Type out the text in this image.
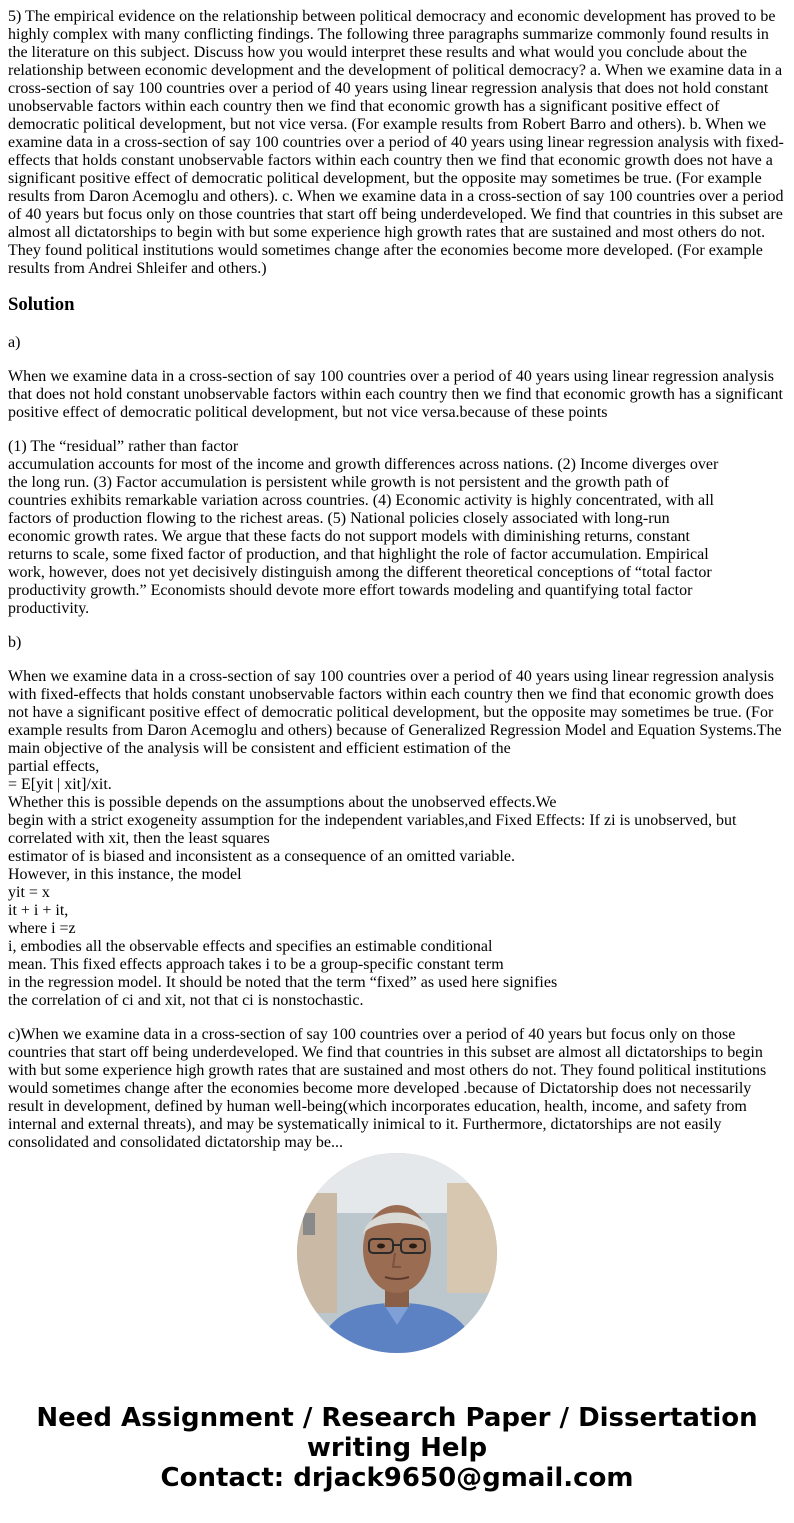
5) The empirical evidence on the relationship between political democracy and economic development has proved to be highly complex with many conflicting findings. The following three paragraphs summarize commonly found results in the literature on this subject. Discuss how you would interpret these results and what would you conclude about the relationship between economic development and the development of political democracy? a. When we examine data in a cross-section of say 100 countries over a period of 40 years using linear regression analysis that does not hold constant unobservable factors within each country then we find that economic growth has a significant positive effect of democratic political development, but not vice versa. (For example results from Robert Barro and others). b. When we examine data in a cross-section of say 100 countries over a period of 40 years using linear regression analysis with fixed-effects that holds constant unobservable factors within each country then we find that economic growth does not have a significant positive effect of democratic political development, but the opposite may sometimes be true. (For example results from Daron Acemoglu and others). c. When we examine data in a cross-section of say 100 countries over a period of 40 years but focus only on those countries that start off being underdeveloped. We find that countries in this subset are almost all dictatorships to begin with but some experience high growth rates that are sustained and most others do not. They found political institutions would sometimes change after the economies become more developed. (For example results from Andrei Shleifer and others.)

Solution

a)

When we examine data in a cross-section of say 100 countries over a period of 40 years using linear regression analysis that does not hold constant unobservable factors within each country then we find that economic growth has a significant positive effect of democratic political development, but not vice versa.because of these points

(1) The “residual” rather than factor
accumulation accounts for most of the income and growth differences across nations. (2) Income diverges over
the long run. (3) Factor accumulation is persistent while growth is not persistent and the growth path of
countries exhibits remarkable variation across countries. (4) Economic activity is highly concentrated, with all
factors of production flowing to the richest areas. (5) National policies closely associated with long-run
economic growth rates. We argue that these facts do not support models with diminishing returns, constant
returns to scale, some fixed factor of production, and that highlight the role of factor accumulation. Empirical
work, however, does not yet decisively distinguish among the different theoretical conceptions of “total factor
productivity growth.” Economists should devote more effort towards modeling and quantifying total factor
productivity.

b)

When we examine data in a cross-section of say 100 countries over a period of 40 years using linear regression analysis with fixed-effects that holds constant unobservable factors within each country then we find that economic growth does not have a significant positive effect of democratic political development, but the opposite may sometimes be true. (For example results from Daron Acemoglu and others) because of Generalized Regression Model and Equation Systems.The main objective of the analysis will be consistent and efficient estimation of the
partial effects,
= E[yit | xit]/xit.
Whether this is possible depends on the assumptions about the unobserved effects.We
begin with a strict exogeneity assumption for the independent variables,and Fixed Effects: If zi is unobserved, but correlated with xit, then the least squares
estimator of is biased and inconsistent as a consequence of an omitted variable.
However, in this instance, the model
yit = x
it + i + it,
where i =z
i, embodies all the observable effects and specifies an estimable conditional
mean. This fixed effects approach takes i to be a group-specific constant term
in the regression model. It should be noted that the term “fixed” as used here signifies
the correlation of ci and xit, not that ci is nonstochastic.

c)When we examine data in a cross-section of say 100 countries over a period of 40 years but focus only on those countries that start off being underdeveloped. We find that countries in this subset are almost all dictatorships to begin with but some experience high growth rates that are sustained and most others do not. They found political institutions would sometimes change after the economies become more developed .because of Dictatorship does not necessarily result in development, defined by human well-being(which incorporates education, health, income, and safety from internal and external threats), and may be systematically inimical to it. Furthermore, dictatorships are not easily consolidated and consolidated dictatorship may be...

Need Assignment / Research Paper / Dissertation
writing Help
Contact: drjack9650@gmail.com
